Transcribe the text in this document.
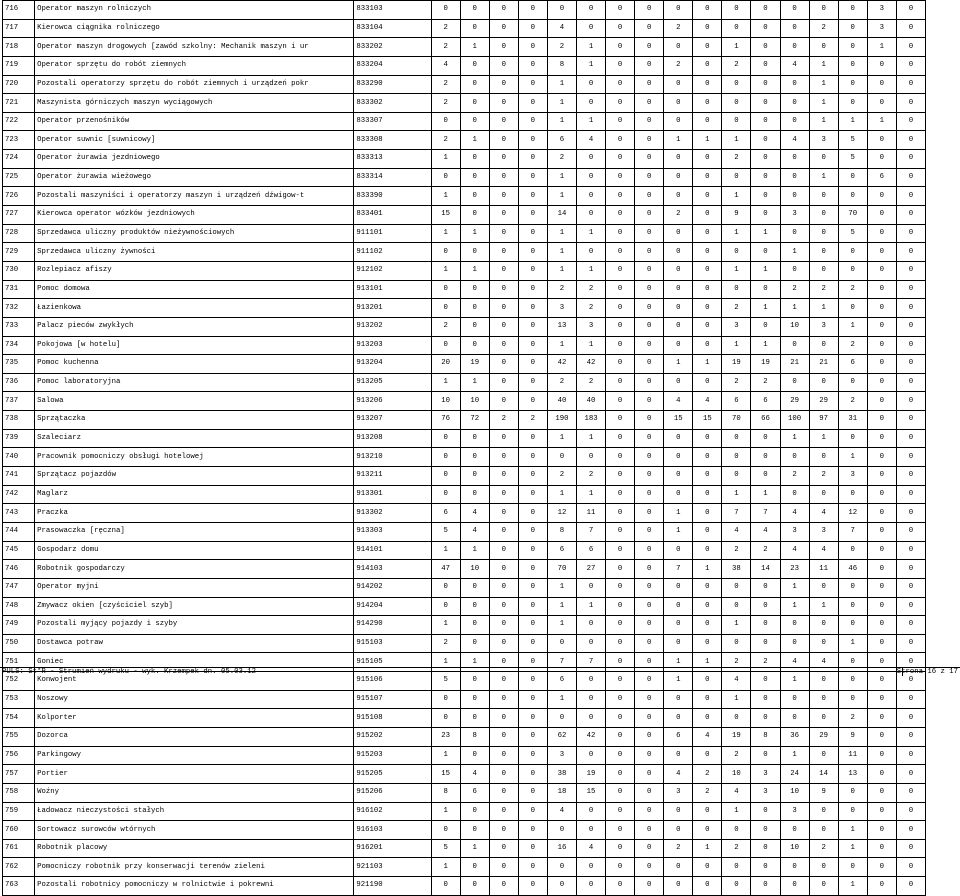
716	Operator maszyn rolniczych	833103	0	0	0	0	0	0	0	0	0	0	0	0	0	0	0	3	0
717	Kierowca ciągnika rolniczego	833104	2	0	0	0	4	0	0	0	2	0	0	0	0	2	0	3	0
718	Operator maszyn drogowych [zawód szkolny: Mechanik maszyn i ur	833202	2	1	0	0	2	1	0	0	0	0	1	0	0	0	0	1	0
719	Operator sprzętu do robót ziemnych	833204	4	0	0	0	8	1	0	0	2	0	2	0	4	1	0	0	0
720	Pozostali operatorzy sprzętu do robót ziemnych i urządzeń pokr	833290	2	0	0	0	1	0	0	0	0	0	0	0	0	1	0	0	0
721	Maszynista górniczych maszyn wyciągowych	833302	2	0	0	0	1	0	0	0	0	0	0	0	0	1	0	0	0
722	Operator przenośników	833307	0	0	0	0	1	1	0	0	0	0	0	0	0	1	1	1	0
723	Operator suwnic [suwnicowy]	833308	2	1	0	0	6	4	0	0	1	1	1	0	4	3	5	0	0
724	Operator żurawia jezdniowego	833313	1	0	0	0	2	0	0	0	0	0	2	0	0	0	5	0	0
725	Operator żurawia wieżowego	833314	0	0	0	0	1	0	0	0	0	0	0	0	0	1	0	6	0
726	Pozostali maszyniści i operatorzy maszyn i urządzeń dźwigow-t	833390	1	0	0	0	1	0	0	0	0	0	1	0	0	0	0	0	0
727	Kierowca operator wózków jezdniowych	833401	15	0	0	0	14	0	0	0	2	0	9	0	3	0	70	0	0
728	Sprzedawca uliczny produktów nieżywnościowych	911101	1	1	0	0	1	1	0	0	0	0	1	1	0	0	5	0	0
729	Sprzedawca uliczny żywności	911102	0	0	0	0	1	0	0	0	0	0	0	0	1	0	0	0	0
730	Rozlepiacz afiszy	912102	1	1	0	0	1	1	0	0	0	0	1	1	0	0	0	0	0
731	Pomoc domowa	913101	0	0	0	0	2	2	0	0	0	0	0	0	2	2	2	0	0
732	Łazienkowa	913201	0	0	0	0	3	2	0	0	0	0	2	1	1	1	0	0	0
733	Palacz pieców zwykłych	913202	2	0	0	0	13	3	0	0	0	0	3	0	10	3	1	0	0
734	Pokojowa [w hotelu]	913203	0	0	0	0	1	1	0	0	0	0	1	1	0	0	2	0	0
735	Pomoc kuchenna	913204	20	19	0	0	42	42	0	0	1	1	19	19	21	21	6	0	0
736	Pomoc laboratoryjna	913205	1	1	0	0	2	2	0	0	0	0	2	2	0	0	0	0	0
737	Salowa	913206	10	10	0	0	40	40	0	0	4	4	6	6	29	29	2	0	0
738	Sprzątaczka	913207	76	72	2	2	190	183	0	0	15	15	70	66	100	97	31	0	0
739	Szaleciarz	913208	0	0	0	0	1	1	0	0	0	0	0	0	1	1	0	0	0
740	Pracownik pomocniczy obsługi hotelowej	913210	0	0	0	0	0	0	0	0	0	0	0	0	0	0	1	0	0
741	Sprzątacz pojazdów	913211	0	0	0	0	2	2	0	0	0	0	0	0	2	2	3	0	0
742	Maglarz	913301	0	0	0	0	1	1	0	0	0	0	1	1	0	0	0	0	0
743	Praczka	913302	6	4	0	0	12	11	0	0	1	0	7	7	4	4	12	0	0
744	Prasowaczka [ręczna]	913303	5	4	0	0	8	7	0	0	1	0	4	4	3	3	7	0	0
745	Gospodarz domu	914101	1	1	0	0	6	6	0	0	0	0	2	2	4	4	0	0	0
746	Robotnik gospodarczy	914103	47	10	0	0	70	27	0	0	7	1	38	14	23	11	46	0	0
747	Operator myjni	914202	0	0	0	0	1	0	0	0	0	0	0	0	1	0	0	0	0
748	Zmywacz okien [czyściciel szyb]	914204	0	0	0	0	1	1	0	0	0	0	0	0	1	1	0	0	0
749	Pozostali myjący pojazdy i szyby	914290	1	0	0	0	1	0	0	0	0	0	1	0	0	0	0	0	0
750	Dostawca potraw	915103	2	0	0	0	0	0	0	0	0	0	0	0	0	0	1	0	0
751	Goniec	915105	1	1	0	0	7	7	0	0	1	1	2	2	4	4	0	0	0
752	Konwojent	915106	5	0	0	0	6	0	0	0	1	0	4	0	1	0	0	0	0
753	Noszowy	915107	0	0	0	0	1	0	0	0	0	0	1	0	0	0	0	0	0
754	Kolporter	915108	0	0	0	0	0	0	0	0	0	0	0	0	0	0	2	0	0
755	Dozorca	915202	23	8	0	0	62	42	0	0	6	4	19	8	36	29	9	0	0
756	Parkingowy	915203	1	0	0	0	3	0	0	0	0	0	2	0	1	0	11	0	0
757	Portier	915205	15	4	0	0	38	19	0	0	4	2	10	3	24	14	13	0	0
758	Woźny	915206	8	6	0	0	18	15	0	0	3	2	4	3	10	9	0	0	0
759	Ładowacz nieczystości stałych	916102	1	0	0	0	4	0	0	0	0	0	1	0	3	0	0	0	0
760	Sortowacz surowców wtórnych	916103	0	0	0	0	0	0	0	0	0	0	0	0	0	0	1	0	0
761	Robotnik placowy	916201	5	1	0	0	16	4	0	0	2	1	2	0	10	2	1	0	0
762	Pomocniczy robotnik przy konserwacji terenów zieleni	921103	1	0	0	0	0	0	0	0	0	0	0	0	0	0	0	0	0
763	Pozostali robotnicy pomocniczy w rolnictwie i pokrewni	921190	0	0	0	0	0	0	0	0	0	0	0	0	0	0	1	0	0
PULS: St*R - Strumień wydruku - wyk. Krzempek dn. 05.03.12	Strona 16 z 17
